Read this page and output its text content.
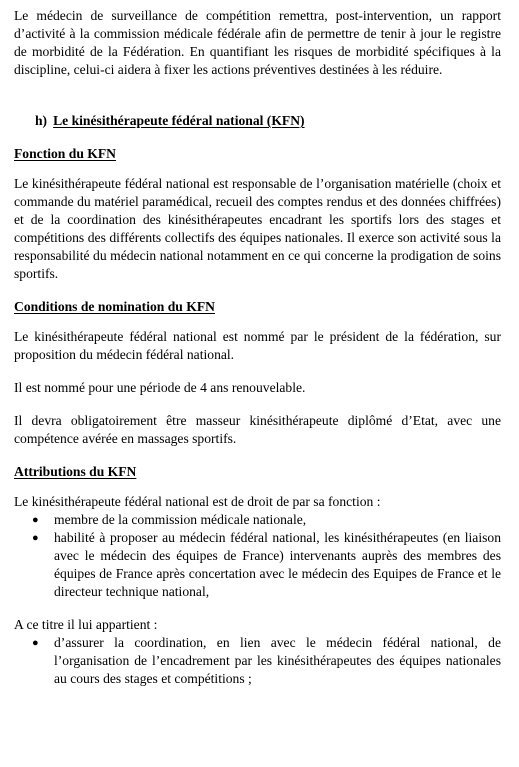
Le médecin de surveillance de compétition remettra, post-intervention, un rapport d’activité à la commission médicale fédérale afin de permettre de tenir à jour le registre de morbidité de la Fédération. En quantifiant les risques de morbidité spécifiques à la discipline, celui-ci aidera à fixer les actions préventives destinées à les réduire.

h) Le kinésithérapeute fédéral national (KFN)

Fonction du KFN

Le kinésithérapeute fédéral national est responsable de l’organisation matérielle (choix et commande du matériel paramédical, recueil des comptes rendus et des données chiffrées) et de la coordination des kinésithérapeutes encadrant les sportifs lors des stages et compétitions des différents collectifs des équipes nationales. Il exerce son activité sous la responsabilité du médecin national notamment en ce qui concerne la prodigation de soins sportifs.

Conditions de nomination du KFN

Le kinésithérapeute fédéral national est nommé par le président de la fédération, sur proposition du médecin fédéral national.

Il est nommé pour une période de 4 ans renouvelable.

Il devra obligatoirement être masseur kinésithérapeute diplômé d’Etat, avec une compétence avérée en massages sportifs.

Attributions du KFN

Le kinésithérapeute fédéral national est de droit de par sa fonction :

● membre de la commission médicale nationale,
● habilité à proposer au médecin fédéral national, les kinésithérapeutes (en liaison avec le médecin des équipes de France) intervenants auprès des membres des équipes de France après concertation avec le médecin des Equipes de France et le directeur technique national,

A ce titre il lui appartient :

● d’assurer la coordination, en lien avec le médecin fédéral national, de l’organisation de l’encadrement par les kinésithérapeutes des équipes nationales au cours des stages et compétitions ;
